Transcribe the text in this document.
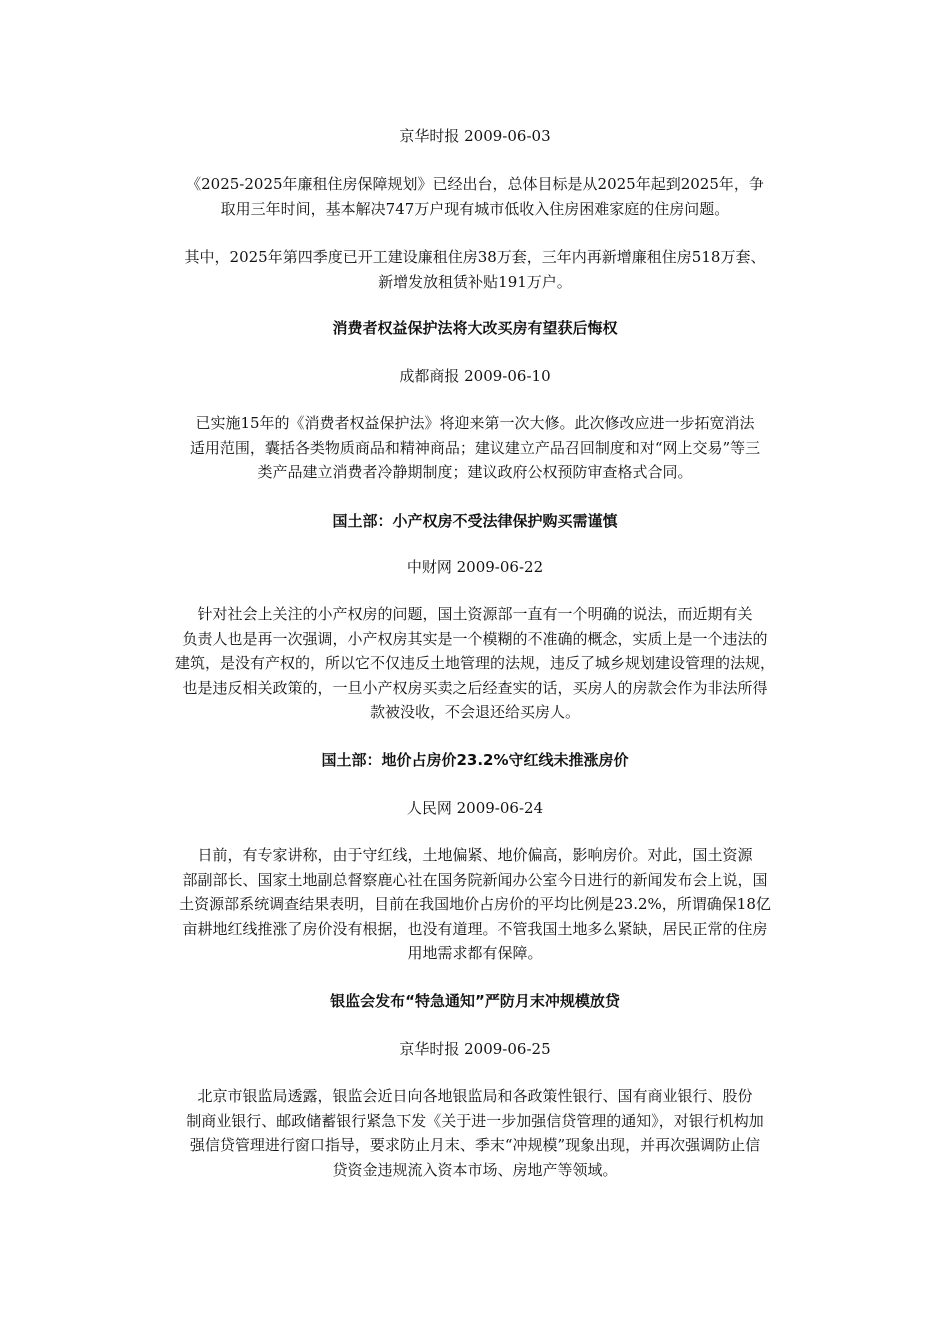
京华时报 2009-06-03
《2025-2025年廉租住房保障规划》已经出台，总体目标是从2025年起到2025年，争
取用三年时间，基本解决747万户现有城市低收入住房困难家庭的住房问题。
其中，2025年第四季度已开工建设廉租住房38万套，三年内再新增廉租住房518万套、
新增发放租赁补贴191万户。
消费者权益保护法将大改买房有望获后悔权
成都商报 2009-06-10
已实施15年的《消费者权益保护法》将迎来第一次大修。此次修改应进一步拓宽消法
适用范围，囊括各类物质商品和精神商品；建议建立产品召回制度和对“网上交易”等三
类产品建立消费者冷静期制度；建议政府公权预防审查格式合同。
国土部：小产权房不受法律保护购买需谨慎
中财网 2009-06-22
针对社会上关注的小产权房的问题，国土资源部一直有一个明确的说法，而近期有关
负责人也是再一次强调，小产权房其实是一个模糊的不准确的概念，实质上是一个违法的
建筑，是没有产权的，所以它不仅违反土地管理的法规，违反了城乡规划建设管理的法规，
也是违反相关政策的，一旦小产权房买卖之后经查实的话，买房人的房款会作为非法所得
款被没收，不会退还给买房人。
国土部：地价占房价23.2%守红线未推涨房价
人民网 2009-06-24
日前，有专家讲称，由于守红线，土地偏紧、地价偏高，影响房价。对此，国土资源
部副部长、国家土地副总督察鹿心社在国务院新闻办公室今日进行的新闻发布会上说，国
土资源部系统调查结果表明，目前在我国地价占房价的平均比例是23.2%，所谓确保18亿
亩耕地红线推涨了房价没有根据，也没有道理。不管我国土地多么紧缺，居民正常的住房
用地需求都有保障。
银监会发布“特急通知”严防月末冲规模放贷
京华时报 2009-06-25
北京市银监局透露，银监会近日向各地银监局和各政策性银行、国有商业银行、股份
制商业银行、邮政储蓄银行紧急下发《关于进一步加强信贷管理的通知》，对银行机构加
强信贷管理进行窗口指导，要求防止月末、季末“冲规模”现象出现，并再次强调防止信
贷资金违规流入资本市场、房地产等领域。
